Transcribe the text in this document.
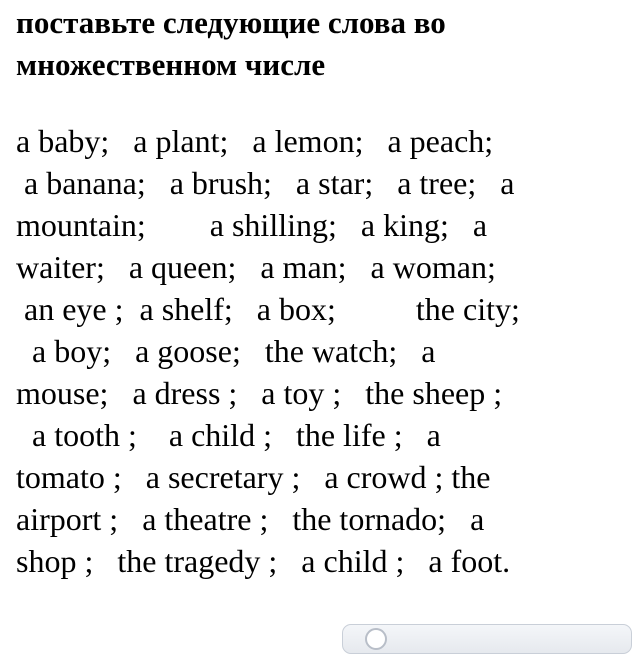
поставьте следующие слова во
множественном числе
a baby;   a plant;   a lemon;   a peach;
a banana;   a brush;   a star;   a tree;   a
mountain;        a shilling;   a king;   a
waiter;   a queen;   a man;   a woman;
an eye ;  a shelf;   a box;          the city;
a boy;   a goose;   the watch;   a
mouse;   a dress ;   a toy ;   the sheep ;
a tooth ;    a child ;   the life ;   a
tomato ;   a secretary ;   a crowd ; the
airport ;   a theatre ;   the tornado;   a
shop ;   the tragedy ;   a child ;   a foot.
